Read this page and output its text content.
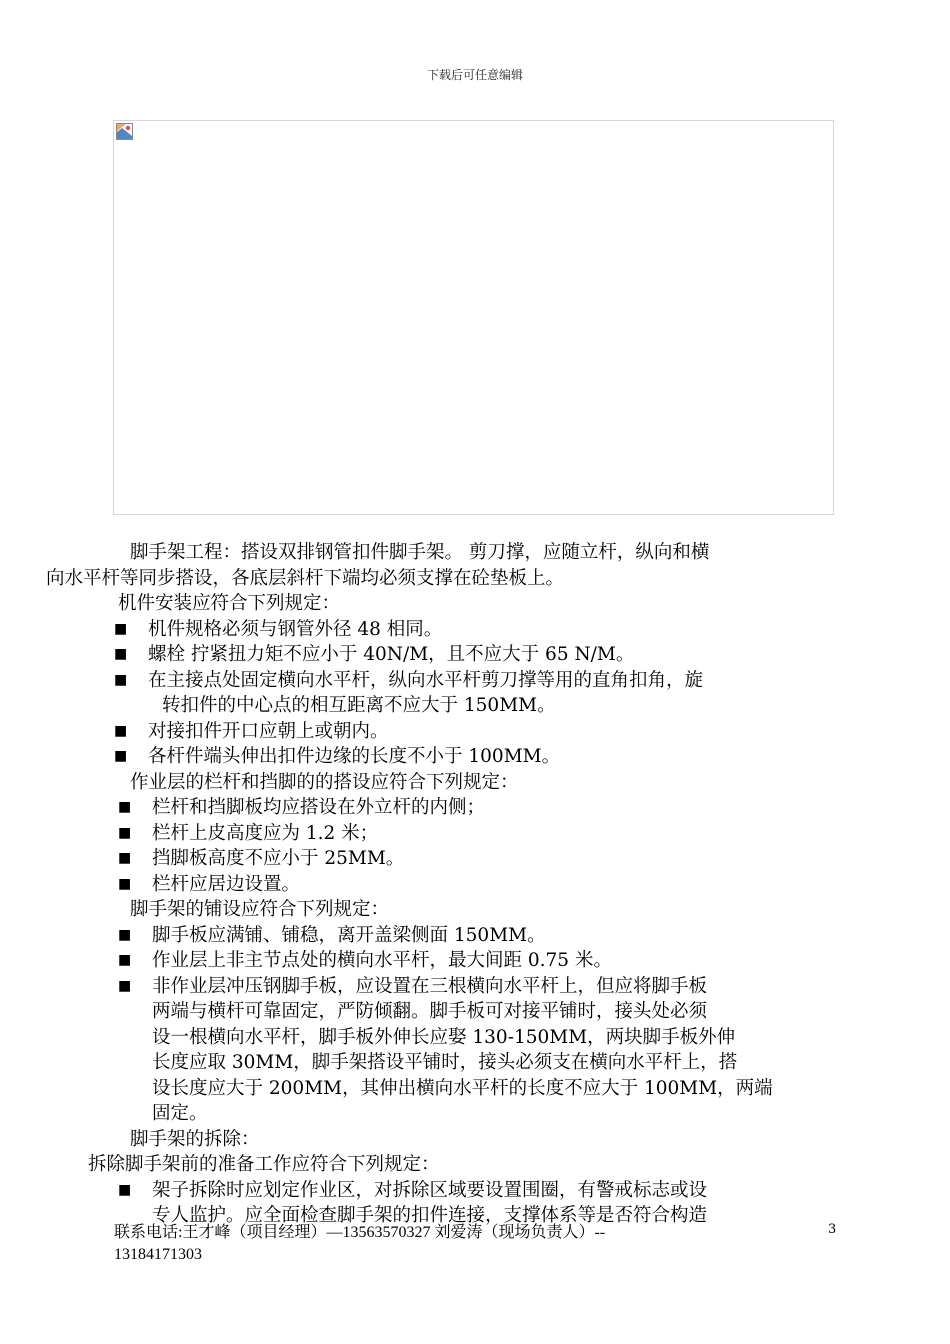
下载后可任意编辑

脚手架工程：搭设双排钢管扣件脚手架。 剪刀撑，应随立杆，纵向和横
向水平杆等同步搭设，各底层斜杆下端均必须支撑在砼垫板上。

机件安装应符合下列规定：

■ 机件规格必须与钢管外径 48 相同。
■ 螺栓 拧紧扭力矩不应小于 40N/M，且不应大于 65 N/M。
■ 在主接点处固定横向水平杆，纵向水平杆剪刀撑等用的直角扣角，旋
转扣件的中心点的相互距离不应大于 150MM。
■ 对接扣件开口应朝上或朝内。
■ 各杆件端头伸出扣件边缘的长度不小于 100MM。

作业层的栏杆和挡脚的的搭设应符合下列规定：

■ 栏杆和挡脚板均应搭设在外立杆的内侧；
■ 栏杆上皮高度应为 1.2 米；
■ 挡脚板高度不应小于 25MM。
■ 栏杆应居边设置。

脚手架的铺设应符合下列规定：

■ 脚手板应满铺、铺稳，离开盖梁侧面 150MM。
■ 作业层上非主节点处的横向水平杆，最大间距 0.75 米。
■ 非作业层冲压钢脚手板，应设置在三根横向水平杆上，但应将脚手板
两端与横杆可靠固定，严防倾翻。脚手板可对接平铺时，接头处必须
设一根横向水平杆，脚手板外伸长应娶 130-150MM，两块脚手板外伸
长度应取 30MM，脚手架搭设平铺时，接头必须支在横向水平杆上，搭
设长度应大于 200MM，其伸出横向水平杆的长度不应大于 100MM，两端
固定。

脚手架的拆除：

拆除脚手架前的准备工作应符合下列规定：

■ 架子拆除时应划定作业区，对拆除区域要设置围圈，有警戒标志或设
专人监护。应全面检查脚手架的扣件连接，支撑体系等是否符合构造
联系电话:王才峰（项目经理）—13563570327 刘爱涛（现场负责人）--
13184171303
3
